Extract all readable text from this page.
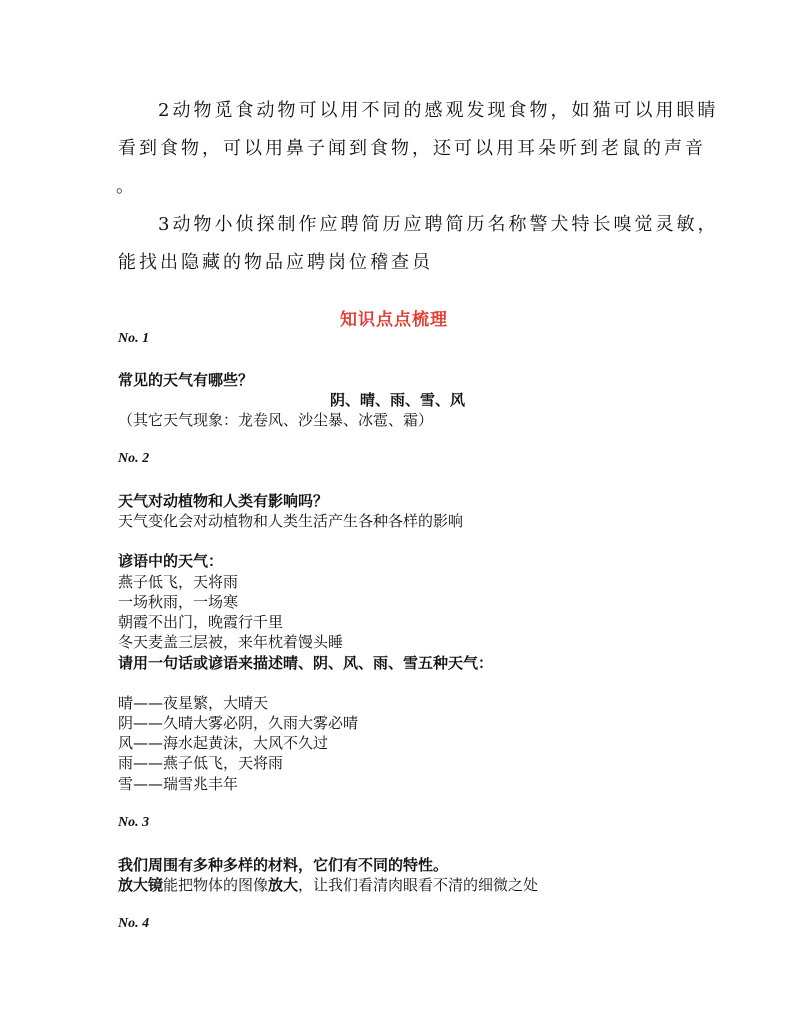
2动物觅食动物可以用不同的感观发现食物，如猫可以用眼睛
看到食物，可以用鼻子闻到食物，还可以用耳朵听到老鼠的声音
。
3动物小侦探制作应聘简历应聘简历名称警犬特长嗅觉灵敏，
能找出隐藏的物品应聘岗位稽查员
知识点点梳理
No. 1
常见的天气有哪些？
阴、晴、雨、雪、风
（其它天气现象：龙卷风、沙尘暴、冰雹、霜）
No. 2
天气对动植物和人类有影响吗？
天气变化会对动植物和人类生活产生各种各样的影响
谚语中的天气：
燕子低飞，天将雨
一场秋雨，一场寒
朝霞不出门，晚霞行千里
冬天麦盖三层被，来年枕着馒头睡
请用一句话或谚语来描述晴、阴、风、雨、雪五种天气：
晴——夜星繁，大晴天
阴——久晴大雾必阴，久雨大雾必晴
风——海水起黄沫，大风不久过
雨——燕子低飞，天将雨
雪——瑞雪兆丰年
No. 3
我们周围有多种多样的材料，它们有不同的特性。
放大镜能把物体的图像放大，让我们看清肉眼看不清的细微之处
No. 4
